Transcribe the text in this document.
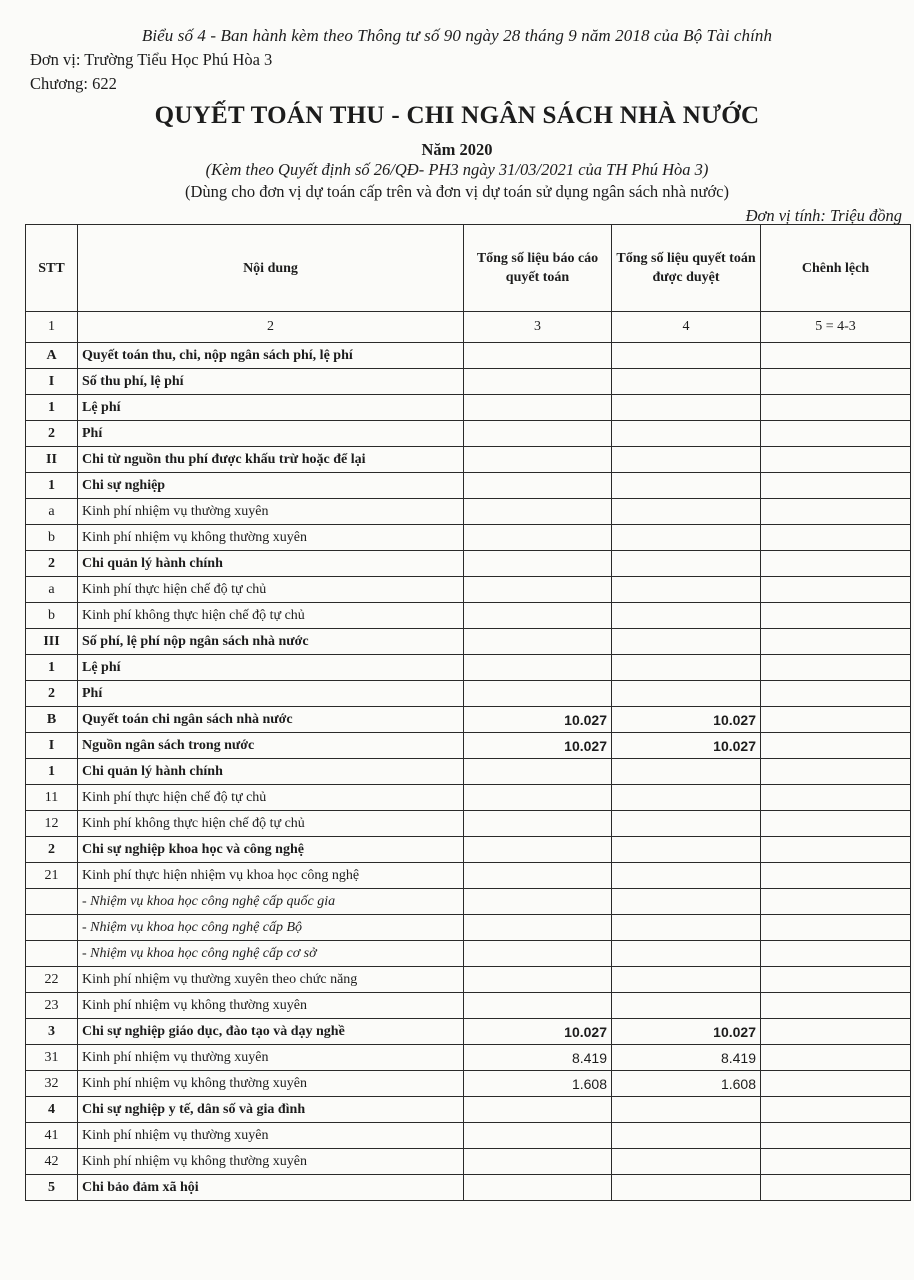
Biểu số 4 - Ban hành kèm theo Thông tư số 90 ngày 28 tháng 9 năm 2018 của Bộ Tài chính
Đơn vị: Trường Tiểu Học Phú Hòa 3
Chương: 622
QUYẾT TOÁN THU - CHI NGÂN SÁCH NHÀ NƯỚC
Năm 2020
(Kèm theo Quyết định số 26/QĐ- PH3 ngày 31/03/2021 của TH Phú Hòa 3)
(Dùng cho đơn vị dự toán cấp trên và đơn vị dự toán sử dụng ngân sách nhà nước)
Đơn vị tính: Triệu đồng
STT	Nội dung	Tổng số liệu báo cáo quyết toán	Tổng số liệu quyết toán được duyệt	Chênh lệch
1	2	3	4	5 = 4-3
A	Quyết toán thu, chi, nộp ngân sách phí, lệ phí			
I	Số thu phí, lệ phí			
1	Lệ phí			
2	Phí			
II	Chi từ nguồn thu phí được khấu trừ hoặc để lại			
1	Chi sự nghiệp			
a	Kinh phí nhiệm vụ thường xuyên			
b	Kinh phí nhiệm vụ không thường xuyên			
2	Chi quản lý hành chính			
a	Kinh phí thực hiện chế độ tự chủ			
b	Kinh phí không thực hiện chế độ tự chủ			
III	Số phí, lệ phí nộp ngân sách nhà nước			
1	Lệ phí			
2	Phí			
B	Quyết toán chi ngân sách nhà nước	10.027	10.027	
I	Nguồn ngân sách trong nước	10.027	10.027	
1	Chi quản lý hành chính			
11	Kinh phí thực hiện chế độ tự chủ			
12	Kinh phí không thực hiện chế độ tự chủ			
2	Chi sự nghiệp khoa học và công nghệ			
21	Kinh phí thực hiện nhiệm vụ khoa học công nghệ			
	- Nhiệm vụ khoa học công nghệ cấp quốc gia			
	- Nhiệm vụ khoa học công nghệ cấp Bộ			
	- Nhiệm vụ khoa học công nghệ cấp cơ sở			
22	Kinh phí nhiệm vụ thường xuyên theo chức năng			
23	Kinh phí nhiệm vụ không thường xuyên			
3	Chi sự nghiệp giáo dục, đào tạo và dạy nghề	10.027	10.027	
31	Kinh phí nhiệm vụ thường xuyên	8.419	8.419	
32	Kinh phí nhiệm vụ không thường xuyên	1.608	1.608	
4	Chi sự nghiệp y tế, dân số và gia đình			
41	Kinh phí nhiệm vụ thường xuyên			
42	Kinh phí nhiệm vụ không thường xuyên			
5	Chi bảo đảm xã hội			
